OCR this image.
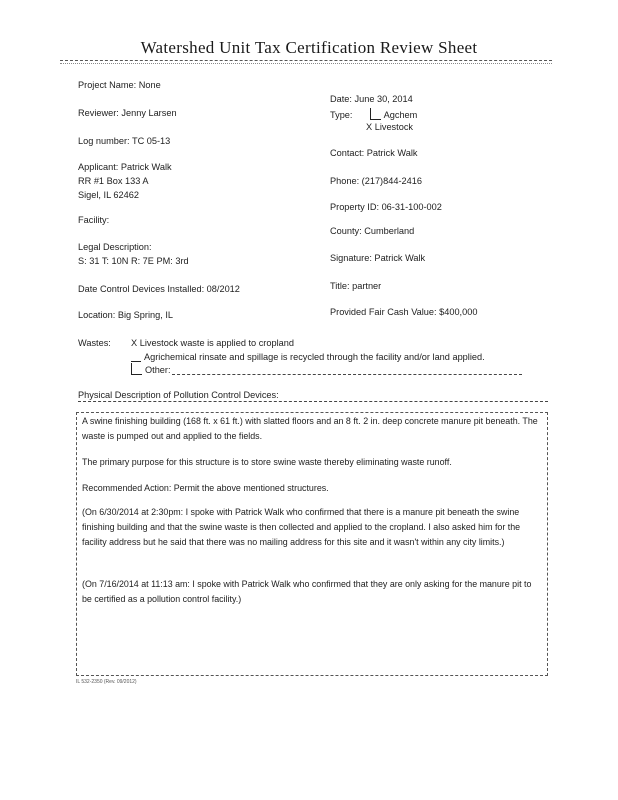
Watershed Unit Tax Certification Review Sheet
Project Name: None
Reviewer: Jenny Larsen
Log number: TC 05-13
Applicant: Patrick Walk
RR #1 Box 133 A
Sigel, IL 62462
Facility:
Legal Description:
S: 31 T: 10N R: 7E PM: 3rd
Date Control Devices Installed: 08/2012
Location: Big Spring, IL
Date: June 30, 2014
Type:	Agchem
X Livestock
Contact: Patrick Walk
Phone: (217)844-2416
Property ID: 06-31-100-002
County: Cumberland
Signature: Patrick Walk
Title: partner
Provided Fair Cash Value: $400,000
Wastes: X Livestock waste is applied to cropland
Agrichemical rinsate and spillage is recycled through the facility and/or land applied.
Other:
Physical Description of Pollution Control Devices:
A swine finishing building (168 ft. x 61 ft.) with slatted floors and an 8 ft. 2 in. deep concrete manure pit beneath. The waste is pumped out and applied to the fields.
The primary purpose for this structure is to store swine waste thereby eliminating waste runoff.
Recommended Action: Permit the above mentioned structures.
(On 6/30/2014 at 2:30pm: I spoke with Patrick Walk who confirmed that there is a manure pit beneath the swine finishing building and that the swine waste is then collected and applied to the cropland. I also asked him for the facility address but he said that there was no mailing address for this site and it wasn't within any city limits.)
(On 7/16/2014 at 11:13 am: I spoke with Patrick Walk who confirmed that they are only asking for the manure pit to be certified as a pollution control facility.)
IL 532-2350 (Rev. 09/2012)
